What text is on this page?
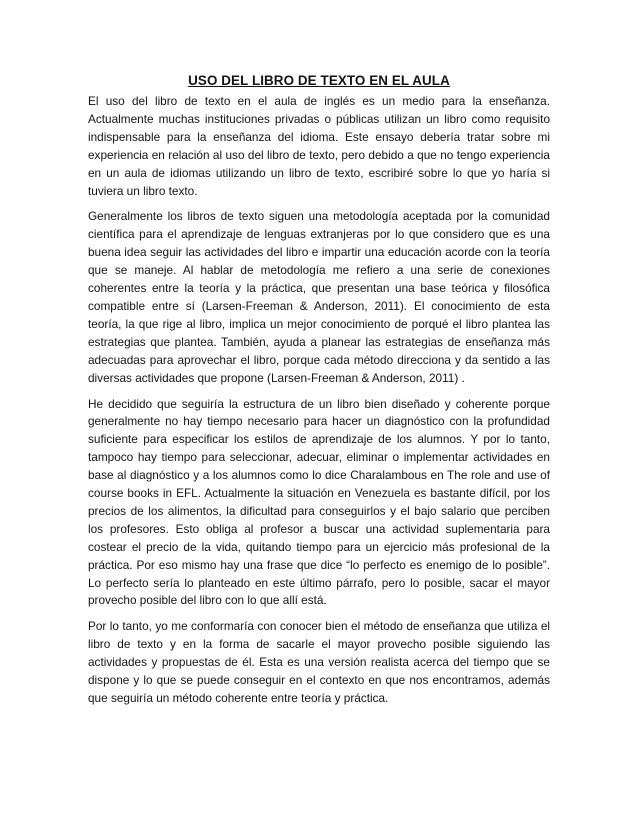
USO DEL LIBRO DE TEXTO EN EL AULA

El uso del libro de texto en el aula de inglés es un medio para la enseñanza. Actualmente muchas instituciones privadas o públicas utilizan un libro como requisito indispensable para la enseñanza del idioma. Este ensayo debería tratar sobre mi experiencia en relación al uso del libro de texto, pero debido a que no tengo experiencia en un aula de idiomas utilizando un libro de texto, escribiré sobre lo que yo haría si tuviera un libro texto.

Generalmente los libros de texto siguen una metodología aceptada por la comunidad científica para el aprendizaje de lenguas extranjeras por lo que considero que es una buena idea seguir las actividades del libro e impartir una educación acorde con la teoría que se maneje. Al hablar de metodología me refiero a una serie de conexiones coherentes entre la teoría y la práctica, que presentan una base teórica y filosófica compatible entre sí (Larsen-Freeman & Anderson, 2011). El conocimiento de esta teoría, la que rige al libro, implica un mejor conocimiento de porqué el libro plantea las estrategias que plantea. También, ayuda a planear las estrategias de enseñanza más adecuadas para aprovechar el libro, porque cada método direcciona y da sentido a las diversas actividades que propone (Larsen-Freeman & Anderson, 2011) .

He decidido que seguiría la estructura de un libro bien diseñado y coherente porque generalmente no hay tiempo necesario para hacer un diagnóstico con la profundidad suficiente para especificar los estilos de aprendizaje de los alumnos. Y por lo tanto, tampoco hay tiempo para seleccionar, adecuar, eliminar o implementar actividades en base al diagnóstico y a los alumnos como lo dice Charalambous en The role and use of course books in EFL. Actualmente la situación en Venezuela es bastante difícil, por los precios de los alimentos, la dificultad para conseguirlos y el bajo salario que perciben los profesores. Esto obliga al profesor a buscar una actividad suplementaria para costear el precio de la vida, quitando tiempo para un ejercicio más profesional de la práctica. Por eso mismo hay una frase que dice “lo perfecto es enemigo de lo posible”. Lo perfecto sería lo planteado en este último párrafo, pero lo posible, sacar el mayor provecho posible del libro con lo que allí está.

Por lo tanto, yo me conformaría con conocer bien el método de enseñanza que utiliza el libro de texto y en la forma de sacarle el mayor provecho posible siguiendo las actividades y propuestas de él. Esta es una versión realista acerca del tiempo que se dispone y lo que se puede conseguir en el contexto en que nos encontramos, además que seguiría un método coherente entre teoría y práctica.
